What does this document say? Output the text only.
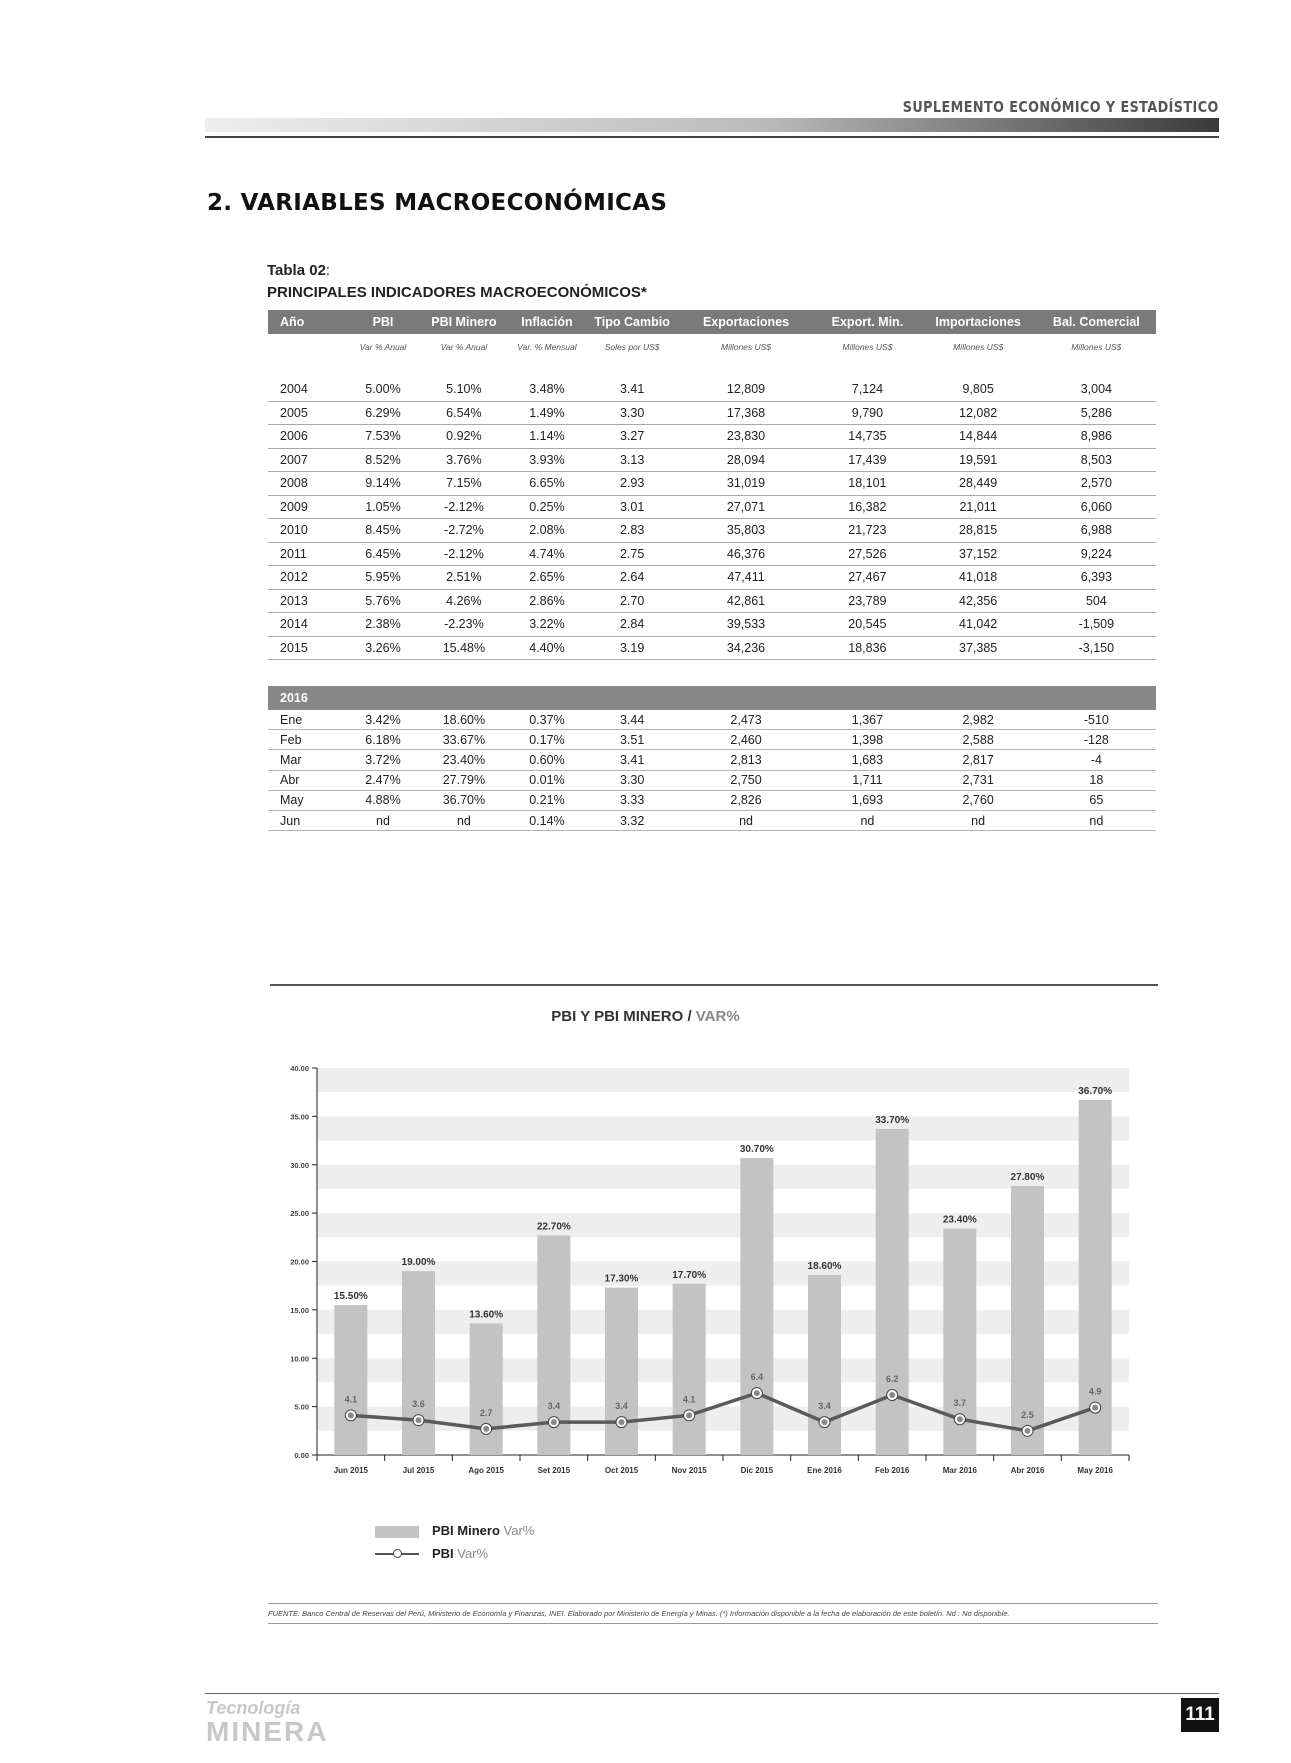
SUPLEMENTO ECONÓMICO Y ESTADÍSTICO
2. VARIABLES MACROECONÓMICAS
Tabla 02:
PRINCIPALES INDICADORES MACROECONÓMICOS*
Año	PBI	PBI Minero	Inflación	Tipo Cambio	Exportaciones	Export. Min.	Importaciones	Bal. Comercial
	Var % Anual	Var % Anual	Var. % Mensual	Soles por US$	Millones US$	Millones US$	Millones US$	Millones US$

2004	5.00%	5.10%	3.48%	3.41	12,809	7,124	9,805	3,004
2005	6.29%	6.54%	1.49%	3.30	17,368	9,790	12,082	5,286
2006	7.53%	0.92%	1.14%	3.27	23,830	14,735	14,844	8,986
2007	8.52%	3.76%	3.93%	3.13	28,094	17,439	19,591	8,503
2008	9.14%	7.15%	6.65%	2.93	31,019	18,101	28,449	2,570
2009	1.05%	-2.12%	0.25%	3.01	27,071	16,382	21,011	6,060
2010	8.45%	-2.72%	2.08%	2.83	35,803	21,723	28,815	6,988
2011	6.45%	-2.12%	4.74%	2.75	46,376	27,526	37,152	9,224
2012	5.95%	2.51%	2.65%	2.64	47,411	27,467	41,018	6,393
2013	5.76%	4.26%	2.86%	2.70	42,861	23,789	42,356	504
2014	2.38%	-2.23%	3.22%	2.84	39,533	20,545	41,042	-1,509
2015	3.26%	15.48%	4.40%	3.19	34,236	18,836	37,385	-3,150

2016								
Ene	3.42%	18.60%	0.37%	3.44	2,473	1,367	2,982	-510
Feb	6.18%	33.67%	0.17%	3.51	2,460	1,398	2,588	-128
Mar	3.72%	23.40%	0.60%	3.41	2,813	1,683	2,817	-4
Abr	2.47%	27.79%	0.01%	3.30	2,750	1,711	2,731	18
May	4.88%	36.70%	0.21%	3.33	2,826	1,693	2,760	65
Jun	nd	nd	0.14%	3.32	nd	nd	nd	nd
PBI Y PBI MINERO / VAR%
0.00
5.00
10.00
15.00
20.00
25.00
30.00
35.00
40.00
15.50%
19.00%
13.60%
22.70%
17.30%	17.70%
30.70%
18.60%
33.70%
23.40%
27.80%
36.70%
Jun 2015	Jul 2015	Ago 2015	Set 2015	Oct 2015	Nov 2015	Dic 2015	Ene 2016	Feb 2016	Mar 2016	Abr 2016	May 2016
4.1	3.6
2.7
3.4	3.4
4.1
6.4
3.4
6.2
3.7
2.5
4.9
PBI Minero Var%
PBI Var%
FUENTE: Banco Central de Reservas del Perú, Ministerio de Economía y Finanzas, INEI. Elaborado por Ministerio de Energía y Minas. (*) Información disponible a la fecha de elaboración de este boletín. Nd : No disponible.
Tecnología
MINERA
111
